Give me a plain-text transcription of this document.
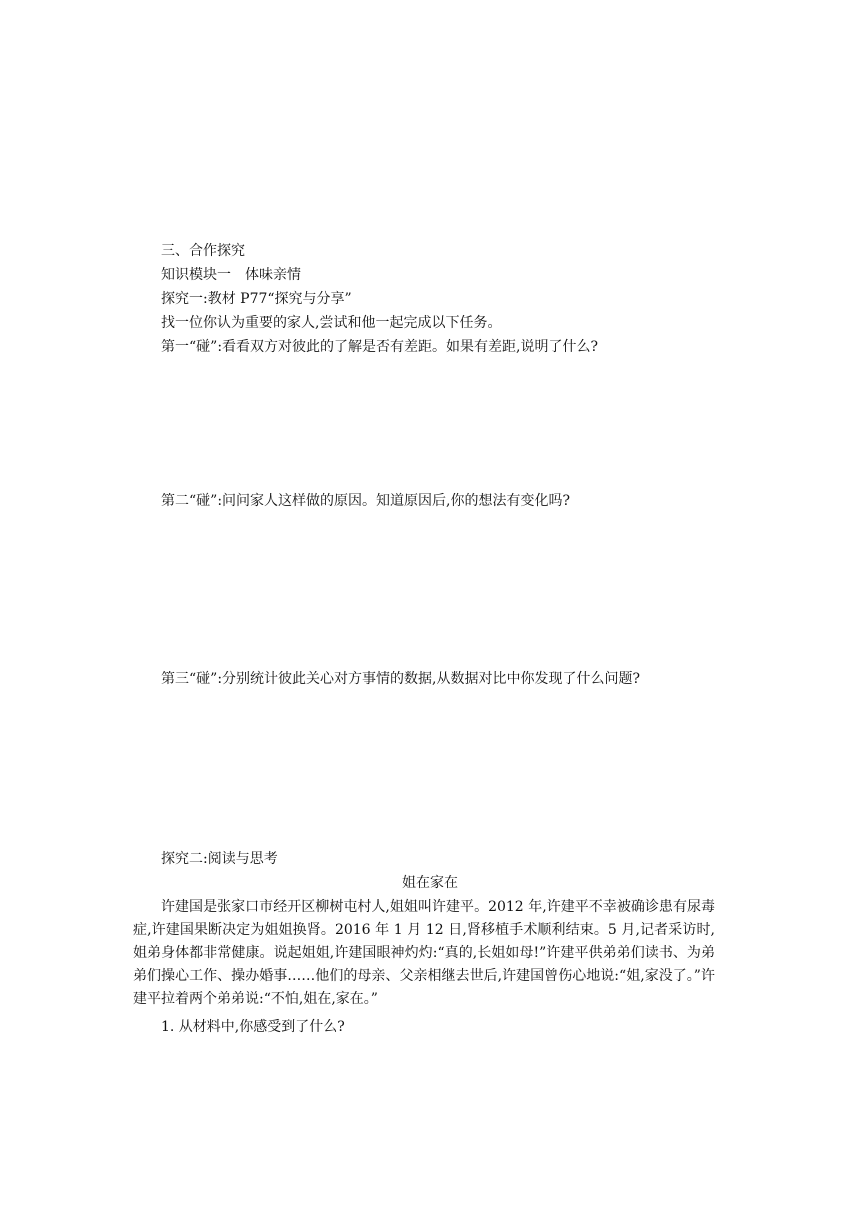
三、合作探究
知识模块一　体味亲情
探究一:教材 P77“探究与分享”
找一位你认为重要的家人,尝试和他一起完成以下任务。
第一“碰”:看看双方对彼此的了解是否有差距。如果有差距,说明了什么?
第二“碰”:问问家人这样做的原因。知道原因后,你的想法有变化吗?
第三“碰”:分别统计彼此关心对方事情的数据,从数据对比中你发现了什么问题?
探究二:阅读与思考
姐在家在
许建国是张家口市经开区柳树屯村人,姐姐叫许建平。2012 年,许建平不幸被确诊患有尿毒症,许建国果断决定为姐姐换肾。2016 年 1 月 12 日,肾移植手术顺利结束。5 月,记者采访时,姐弟身体都非常健康。说起姐姐,许建国眼神灼灼:“真的,长姐如母!”许建平供弟弟们读书、为弟弟们操心工作、操办婚事……他们的母亲、父亲相继去世后,许建国曾伤心地说:“姐,家没了。”许建平拉着两个弟弟说:“不怕,姐在,家在。”
1. 从材料中,你感受到了什么?
